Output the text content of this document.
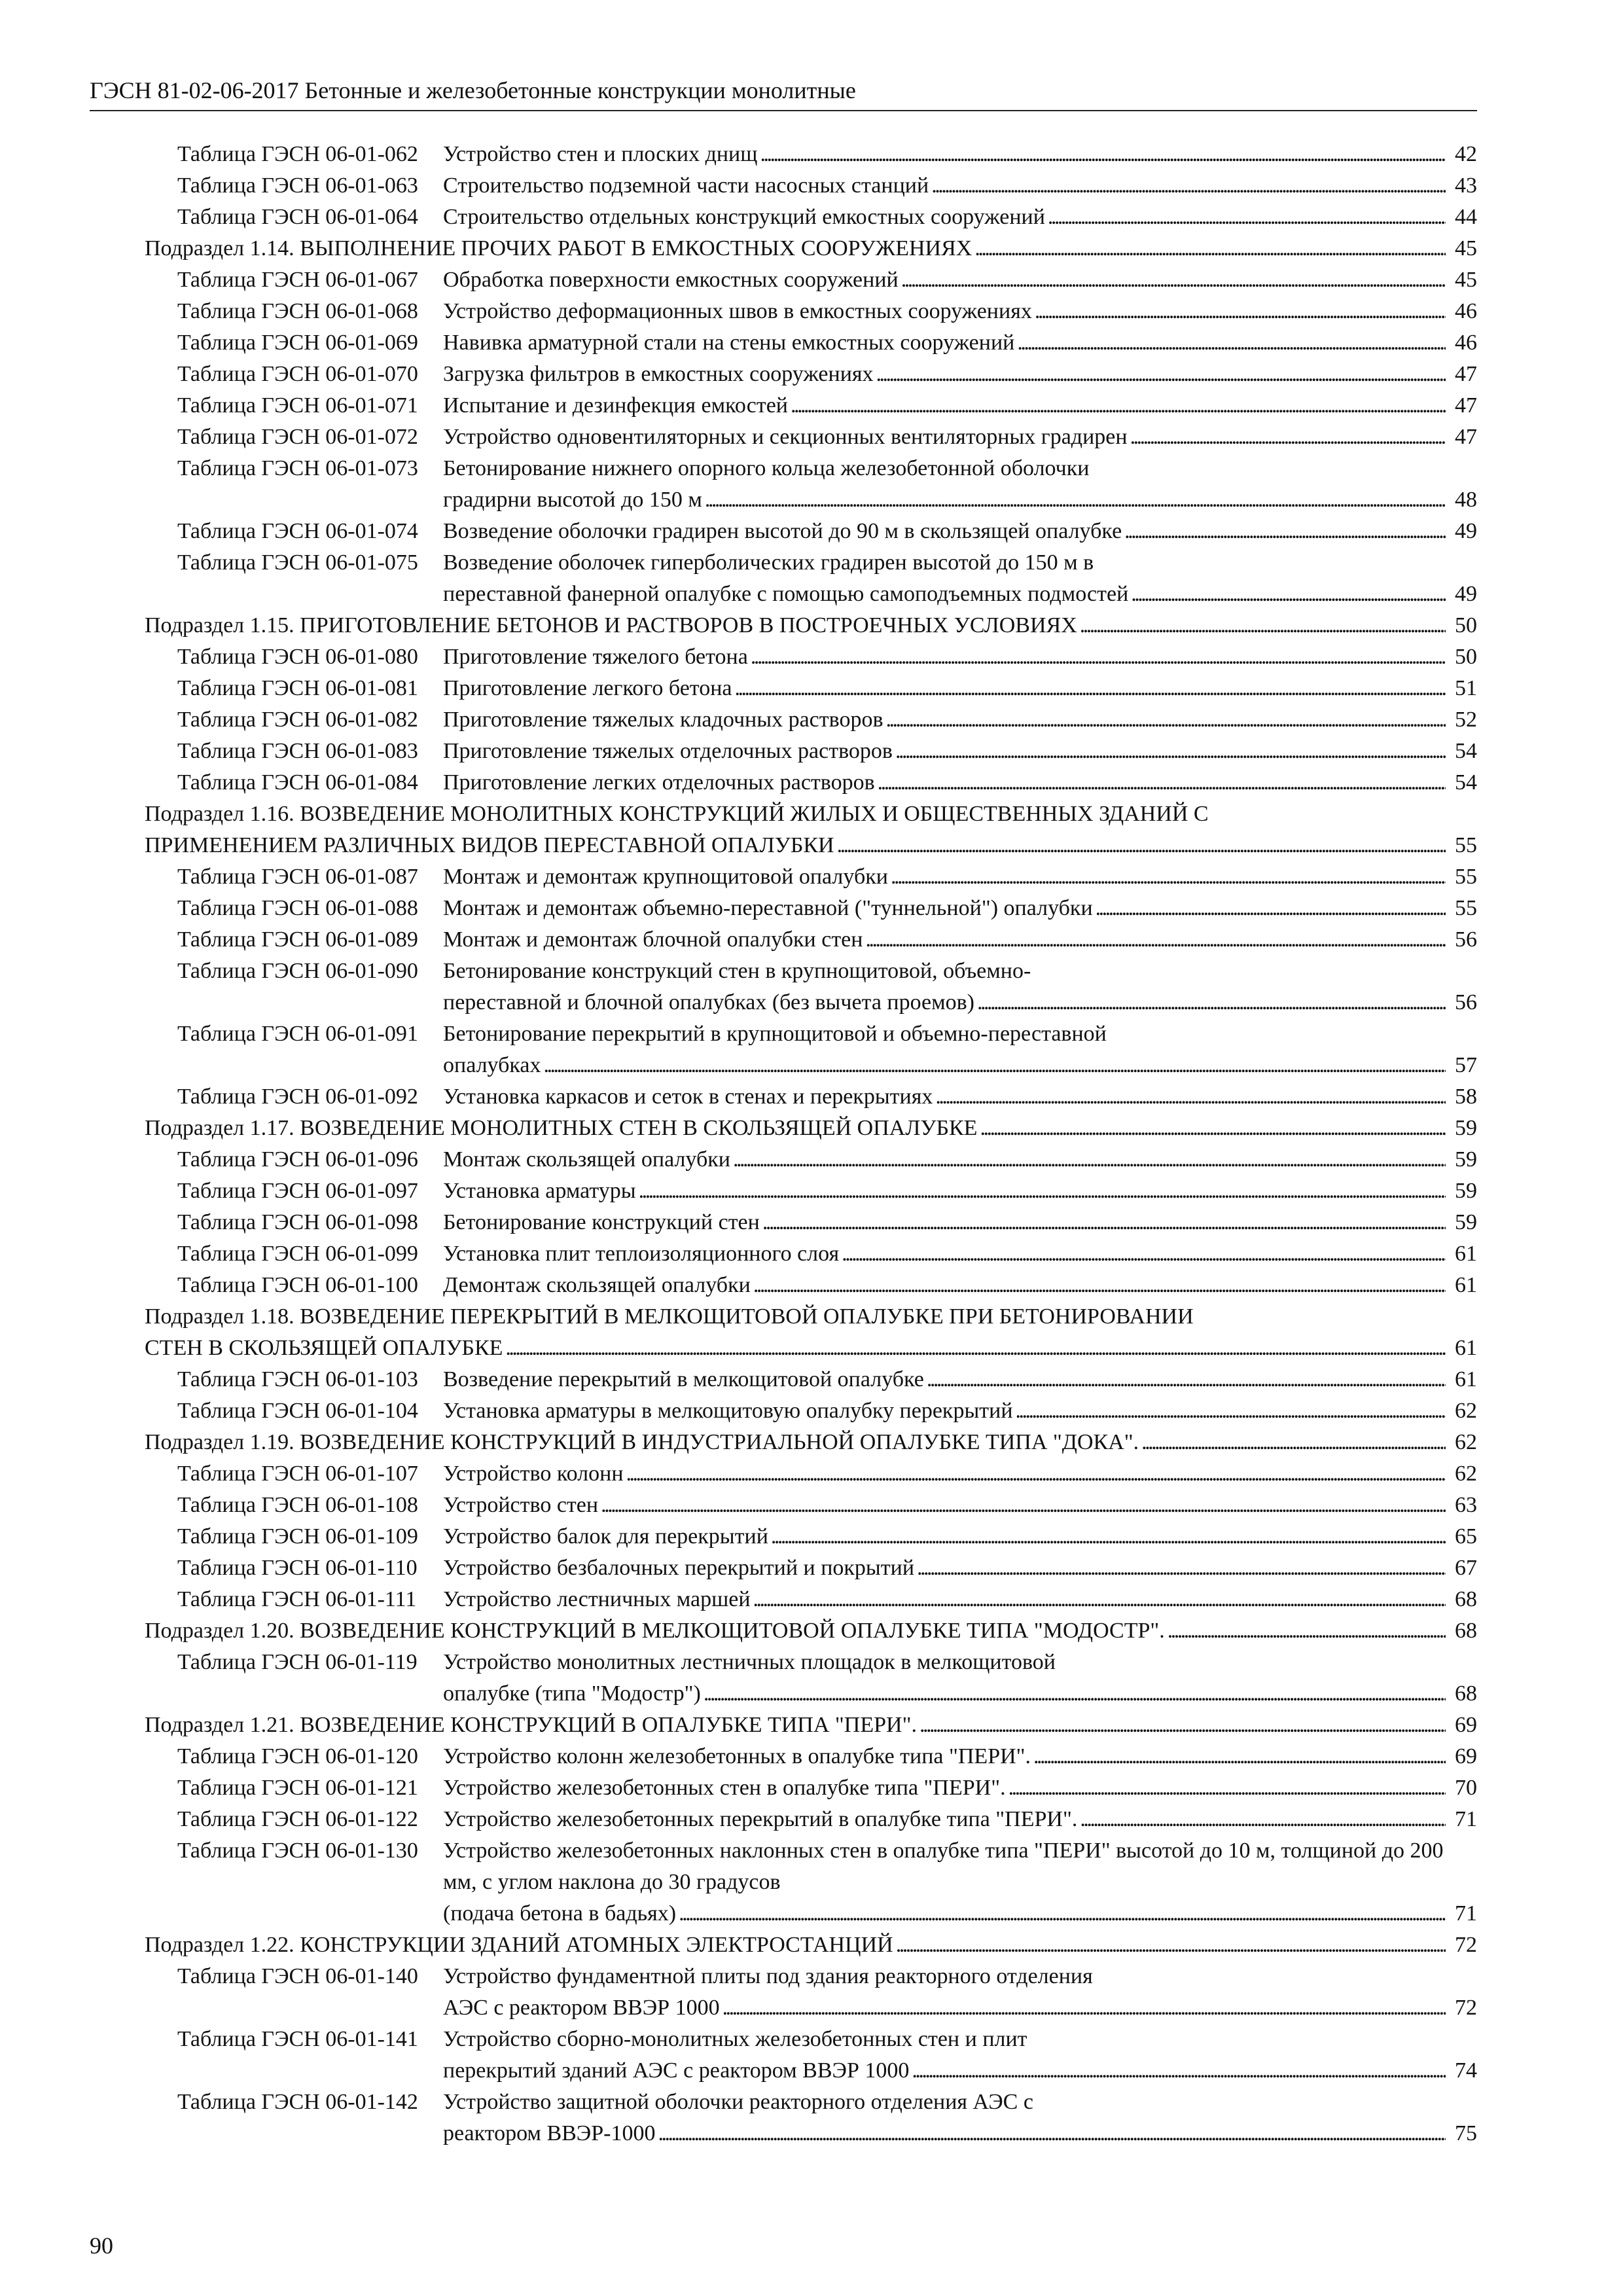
ГЭСН 81-02-06-2017 Бетонные и железобетонные конструкции монолитные
Таблица ГЭСН 06-01-062	Устройство стен и плоских днищ . . .	42
Таблица ГЭСН 06-01-063	Строительство подземной части насосных станций . . .	43
Таблица ГЭСН 06-01-064	Строительство отдельных конструкций емкостных сооружений . . .	44
Подраздел 1.14. ВЫПОЛНЕНИЕ ПРОЧИХ РАБОТ В ЕМКОСТНЫХ СООРУЖЕНИЯХ . . .	45
Таблица ГЭСН 06-01-067	Обработка поверхности емкостных сооружений . . .	45
Таблица ГЭСН 06-01-068	Устройство деформационных швов в емкостных сооружениях . . .	46
Таблица ГЭСН 06-01-069	Навивка арматурной стали на стены емкостных сооружений . . .	46
Таблица ГЭСН 06-01-070	Загрузка фильтров в емкостных сооружениях . . .	47
Таблица ГЭСН 06-01-071	Испытание и дезинфекция емкостей . . .	47
Таблица ГЭСН 06-01-072	Устройство одновентиляторных и секционных вентиляторных градирен . . .	47
Таблица ГЭСН 06-01-073	Бетонирование нижнего опорного кольца железобетонной оболочки
градирни высотой до 150 м . . .	48
Таблица ГЭСН 06-01-074	Возведение оболочки градирен высотой до 90 м в скользящей опалубке . . .	49
Таблица ГЭСН 06-01-075	Возведение оболочек гиперболических градирен высотой до 150 м в
переставной фанерной опалубке с помощью самоподъемных подмостей . . .	49
Подраздел 1.15. ПРИГОТОВЛЕНИЕ БЕТОНОВ И РАСТВОРОВ В ПОСТРОЕЧНЫХ УСЛОВИЯХ . . .	50
Таблица ГЭСН 06-01-080	Приготовление тяжелого бетона . . .	50
Таблица ГЭСН 06-01-081	Приготовление легкого бетона . . .	51
Таблица ГЭСН 06-01-082	Приготовление тяжелых кладочных растворов . . .	52
Таблица ГЭСН 06-01-083	Приготовление тяжелых отделочных растворов . . .	54
Таблица ГЭСН 06-01-084	Приготовление легких отделочных растворов . . .	54
Подраздел 1.16. ВОЗВЕДЕНИЕ МОНОЛИТНЫХ КОНСТРУКЦИЙ ЖИЛЫХ И ОБЩЕСТВЕННЫХ ЗДАНИЙ С
ПРИМЕНЕНИЕМ РАЗЛИЧНЫХ ВИДОВ ПЕРЕСТАВНОЙ ОПАЛУБКИ . . .	55
Таблица ГЭСН 06-01-087	Монтаж и демонтаж крупнощитовой опалубки . . .	55
Таблица ГЭСН 06-01-088	Монтаж и демонтаж объемно-переставной ("туннельной") опалубки . . .	55
Таблица ГЭСН 06-01-089	Монтаж и демонтаж блочной опалубки стен . . .	56
Таблица ГЭСН 06-01-090	Бетонирование конструкций стен в крупнощитовой, объемно-
переставной и блочной опалубках (без вычета проемов) . . .	56
Таблица ГЭСН 06-01-091	Бетонирование перекрытий в крупнощитовой и объемно-переставной
опалубках . . .	57
Таблица ГЭСН 06-01-092	Установка каркасов и сеток в стенах и перекрытиях . . .	58
Подраздел 1.17. ВОЗВЕДЕНИЕ МОНОЛИТНЫХ СТЕН В СКОЛЬЗЯЩЕЙ ОПАЛУБКЕ . . .	59
Таблица ГЭСН 06-01-096	Монтаж скользящей опалубки . . .	59
Таблица ГЭСН 06-01-097	Установка арматуры . . .	59
Таблица ГЭСН 06-01-098	Бетонирование конструкций стен . . .	59
Таблица ГЭСН 06-01-099	Установка плит теплоизоляционного слоя . . .	61
Таблица ГЭСН 06-01-100	Демонтаж скользящей опалубки . . .	61
Подраздел 1.18. ВОЗВЕДЕНИЕ ПЕРЕКРЫТИЙ В МЕЛКОЩИТОВОЙ ОПАЛУБКЕ ПРИ БЕТОНИРОВАНИИ
СТЕН В СКОЛЬЗЯЩЕЙ ОПАЛУБКЕ . . .	61
Таблица ГЭСН 06-01-103	Возведение перекрытий в мелкощитовой опалубке . . .	61
Таблица ГЭСН 06-01-104	Установка арматуры в мелкощитовую опалубку перекрытий . . .	62
Подраздел 1.19. ВОЗВЕДЕНИЕ КОНСТРУКЦИЙ В ИНДУСТРИАЛЬНОЙ ОПАЛУБКЕ ТИПА "ДОКА". . . .	62
Таблица ГЭСН 06-01-107	Устройство колонн . . .	62
Таблица ГЭСН 06-01-108	Устройство стен . . .	63
Таблица ГЭСН 06-01-109	Устройство балок для перекрытий . . .	65
Таблица ГЭСН 06-01-110	Устройство безбалочных перекрытий и покрытий . . .	67
Таблица ГЭСН 06-01-111	Устройство лестничных маршей . . .	68
Подраздел 1.20. ВОЗВЕДЕНИЕ КОНСТРУКЦИЙ В МЕЛКОЩИТОВОЙ ОПАЛУБКЕ ТИПА "МОДОСТР". . . .	68
Таблица ГЭСН 06-01-119	Устройство монолитных лестничных площадок в мелкощитовой
опалубке (типа "Модостр") . . .	68
Подраздел 1.21. ВОЗВЕДЕНИЕ КОНСТРУКЦИЙ В ОПАЛУБКЕ ТИПА "ПЕРИ". . . .	69
Таблица ГЭСН 06-01-120	Устройство колонн железобетонных в опалубке типа "ПЕРИ". . . .	69
Таблица ГЭСН 06-01-121	Устройство железобетонных стен в опалубке типа "ПЕРИ". . . .	70
Таблица ГЭСН 06-01-122	Устройство железобетонных перекрытий в опалубке типа "ПЕРИ". . . .	71
Таблица ГЭСН 06-01-130	Устройство железобетонных наклонных стен в опалубке типа "ПЕРИ" высотой до 10 м, толщиной до 200 мм, с углом наклона до 30 градусов
(подача бетона в бадьях) . . .	71
Подраздел 1.22. КОНСТРУКЦИИ ЗДАНИЙ АТОМНЫХ ЭЛЕКТРОСТАНЦИЙ . . .	72
Таблица ГЭСН 06-01-140	Устройство фундаментной плиты под здания реакторного отделения
АЭС с реактором ВВЭР 1000 . . .	72
Таблица ГЭСН 06-01-141	Устройство сборно-монолитных железобетонных стен и плит
перекрытий зданий АЭС с реактором ВВЭР 1000 . . .	74
Таблица ГЭСН 06-01-142	Устройство защитной оболочки реакторного отделения АЭС с
реактором ВВЭР-1000 . . .	75
90
